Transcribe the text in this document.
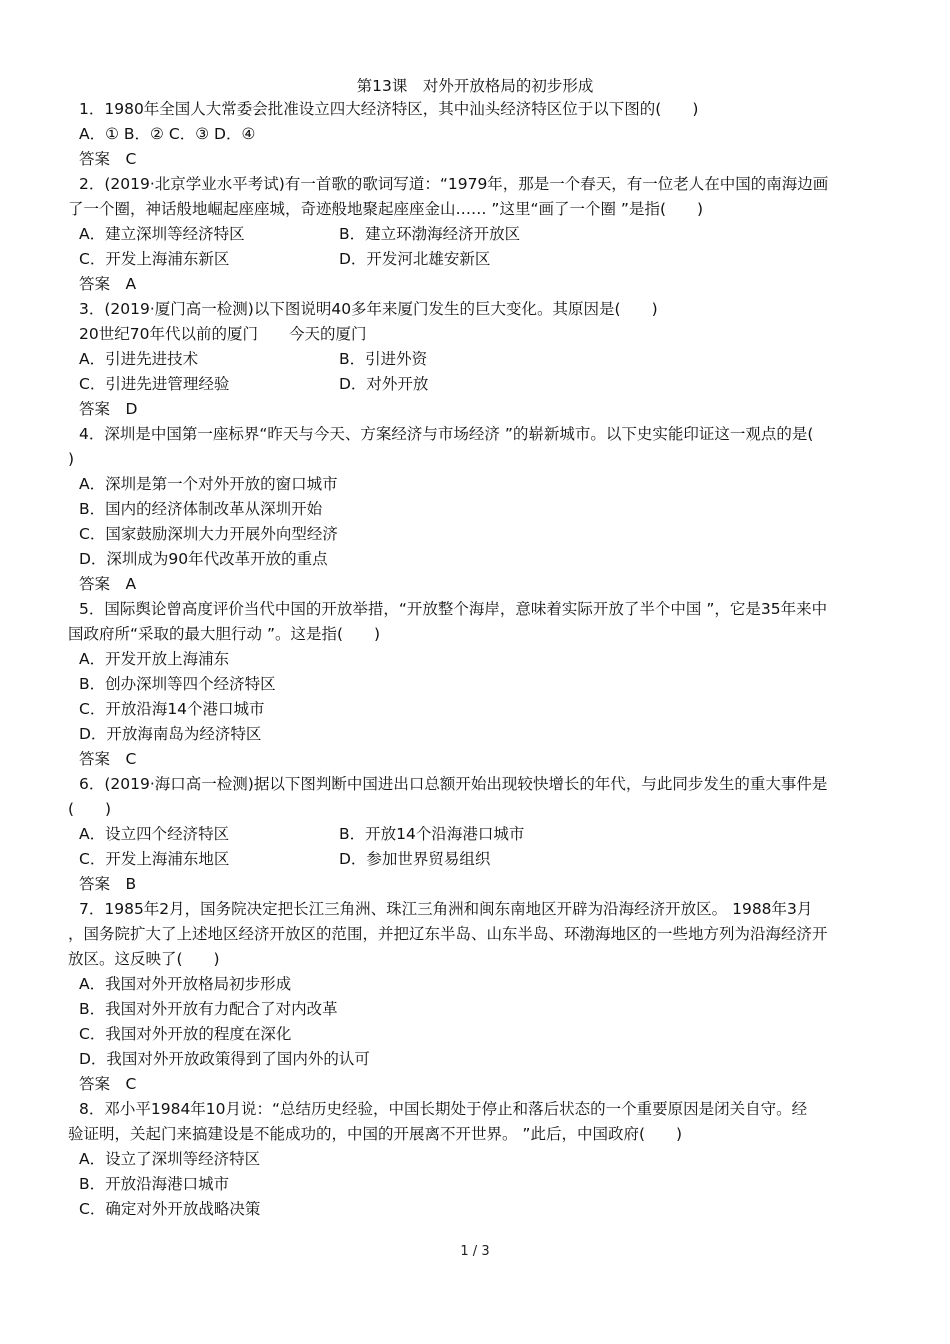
第13课　对外开放格局的初步形成
1．1980年全国人大常委会批准设立四大经济特区，其中汕头经济特区位于以下图的(　　)
A．① B．② C．③ D．④
答案　C
2．(2019·北京学业水平考试)有一首歌的歌词写道：“1979年，那是一个春天，有一位老人在中国的南海边画
了一个圈，神话般地崛起座座城，奇迹般地聚起座座金山…… ”这里“画了一个圈 ”是指(　　)
A．建立深圳等经济特区	B．建立环渤海经济开放区
C．开发上海浦东新区	D．开发河北雄安新区
答案　A
3．(2019·厦门高一检测)以下图说明40多年来厦门发生的巨大变化。其原因是(　　)
20世纪70年代以前的厦门　　今天的厦门
A．引进先进技术	B．引进外资
C．引进先进管理经验	D．对外开放
答案　D
4．深圳是中国第一座标界“昨天与今天、方案经济与市场经济 ”的崭新城市。以下史实能印证这一观点的是(
)
A．深圳是第一个对外开放的窗口城市
B．国内的经济体制改革从深圳开始
C．国家鼓励深圳大力开展外向型经济
D．深圳成为90年代改革开放的重点
答案　A
5．国际舆论曾高度评价当代中国的开放举措，“开放整个海岸，意味着实际开放了半个中国 ”，它是35年来中
国政府所“采取的最大胆行动 ”。这是指(　　)
A．开发开放上海浦东
B．创办深圳等四个经济特区
C．开放沿海14个港口城市
D．开放海南岛为经济特区
答案　C
6．(2019·海口高一检测)据以下图判断中国进出口总额开始出现较快增长的年代，与此同步发生的重大事件是
(　　)
A．设立四个经济特区	B．开放14个沿海港口城市
C．开发上海浦东地区	D．参加世界贸易组织
答案　B
7．1985年2月，国务院决定把长江三角洲、珠江三角洲和闽东南地区开辟为沿海经济开放区。 1988年3月
，国务院扩大了上述地区经济开放区的范围，并把辽东半岛、山东半岛、环渤海地区的一些地方列为沿海经济开
放区。这反映了(　　)
A．我国对外开放格局初步形成
B．我国对外开放有力配合了对内改革
C．我国对外开放的程度在深化
D．我国对外开放政策得到了国内外的认可
答案　C
8．邓小平1984年10月说：“总结历史经验，中国长期处于停止和落后状态的一个重要原因是闭关自守。经
验证明，关起门来搞建设是不能成功的，中国的开展离不开世界。 ”此后，中国政府(　　)
A．设立了深圳等经济特区
B．开放沿海港口城市
C．确定对外开放战略决策
1 / 3
